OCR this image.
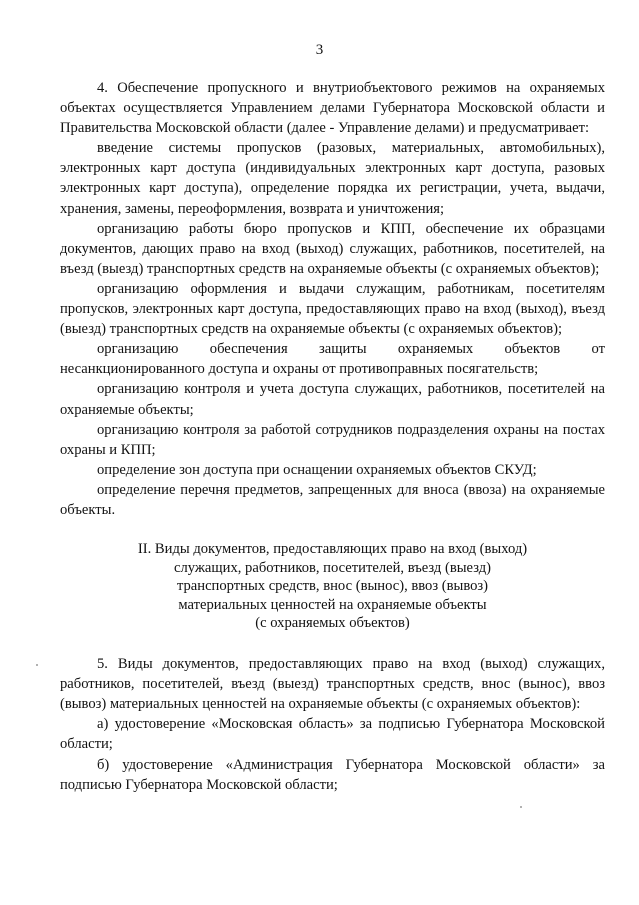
3

4. Обеспечение пропускного и внутриобъектового режимов на охраняемых объектах осуществляется Управлением делами Губернатора Московской области и Правительства Московской области (далее - Управление делами) и предусматривает:

введение системы пропусков (разовых, материальных, автомобильных), электронных карт доступа (индивидуальных электронных карт доступа, разовых электронных карт доступа), определение порядка их регистрации, учета, выдачи, хранения, замены, переоформления, возврата и уничтожения;

организацию работы бюро пропусков и КПП, обеспечение их образцами документов, дающих право на вход (выход) служащих, работников, посетителей, на въезд (выезд) транспортных средств на охраняемые объекты (с охраняемых объектов);

организацию оформления и выдачи служащим, работникам, посетителям пропусков, электронных карт доступа, предоставляющих право на вход (выход), въезд (выезд) транспортных средств на охраняемые объекты (с охраняемых объектов);

организацию обеспечения защиты охраняемых объектов от несанкционированного доступа и охраны от противоправных посягательств;

организацию контроля и учета доступа служащих, работников, посетителей на охраняемые объекты;

организацию контроля за работой сотрудников подразделения охраны на постах охраны и КПП;

определение зон доступа при оснащении охраняемых объектов СКУД;

определение перечня предметов, запрещенных для вноса (ввоза) на охраняемые объекты.

II. Виды документов, предоставляющих право на вход (выход)
служащих, работников, посетителей, въезд (выезд)
транспортных средств, внос (вынос), ввоз (вывоз)
материальных ценностей на охраняемые объекты
(с охраняемых объектов)

5. Виды документов, предоставляющих право на вход (выход) служащих, работников, посетителей, въезд (выезд) транспортных средств, внос (вынос), ввоз (вывоз) материальных ценностей на охраняемые объекты (с охраняемых объектов):

а) удостоверение «Московская область» за подписью Губернатора Московской области;

б) удостоверение «Администрация Губернатора Московской области» за подписью Губернатора Московской области;
